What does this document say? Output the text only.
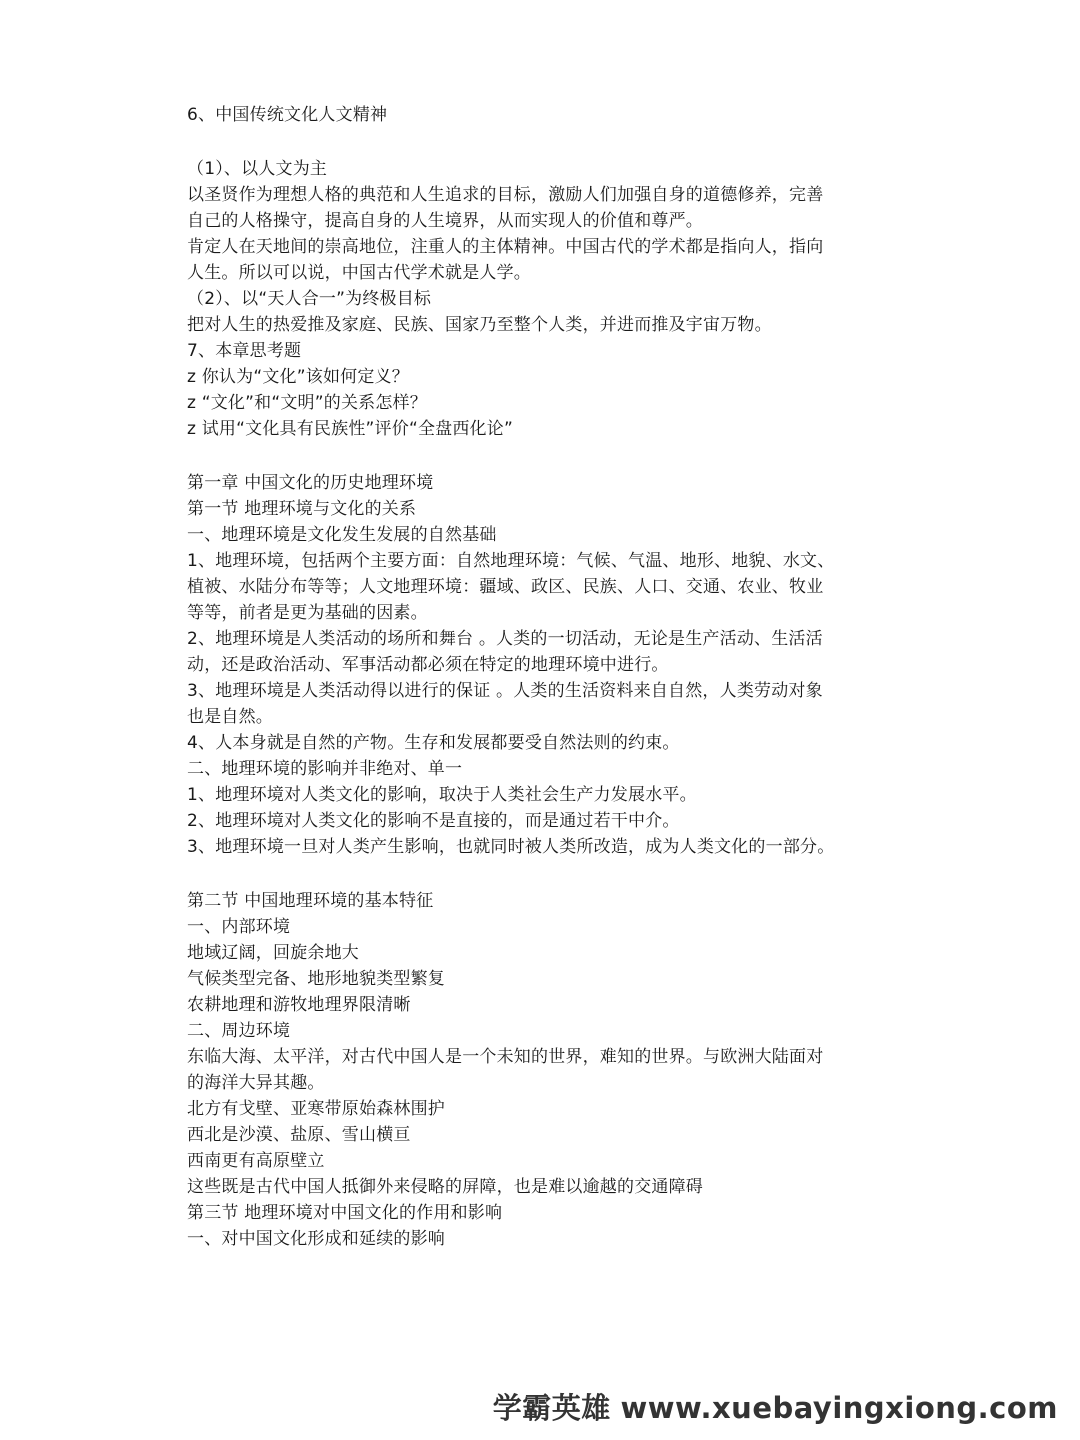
6、中国传统文化人文精神
（1）、以人文为主
以圣贤作为理想人格的典范和人生追求的目标，激励人们加强自身的道德修养，完善
自己的人格操守，提高自身的人生境界，从而实现人的价值和尊严。
肯定人在天地间的崇高地位，注重人的主体精神。中国古代的学术都是指向人，指向
人生。所以可以说，中国古代学术就是人学。
（2）、以“天人合一”为终极目标
把对人生的热爱推及家庭、民族、国家乃至整个人类，并进而推及宇宙万物。
7、本章思考题
z 你认为“文化”该如何定义？
z “文化”和“文明”的关系怎样？
z 试用“文化具有民族性”评价“全盘西化论”
第一章 中国文化的历史地理环境
第一节 地理环境与文化的关系
一、地理环境是文化发生发展的自然基础
1、地理环境，包括两个主要方面：自然地理环境：气候、气温、地形、地貌、水文、
植被、水陆分布等等；人文地理环境：疆域、政区、民族、人口、交通、农业、牧业
等等，前者是更为基础的因素。
2、地理环境是人类活动的场所和舞台 。人类的一切活动，无论是生产活动、生活活
动，还是政治活动、军事活动都必须在特定的地理环境中进行。
3、地理环境是人类活动得以进行的保证 。人类的生活资料来自自然，人类劳动对象
也是自然。
4、人本身就是自然的产物。生存和发展都要受自然法则的约束。
二、地理环境的影响并非绝对、单一
1、地理环境对人类文化的影响，取决于人类社会生产力发展水平。
2、地理环境对人类文化的影响不是直接的，而是通过若干中介。
3、地理环境一旦对人类产生影响，也就同时被人类所改造，成为人类文化的一部分。
第二节 中国地理环境的基本特征
一、内部环境
地域辽阔，回旋余地大
气候类型完备、地形地貌类型繁复
农耕地理和游牧地理界限清晰
二、周边环境
东临大海、太平洋，对古代中国人是一个未知的世界，难知的世界。与欧洲大陆面对
的海洋大异其趣。
北方有戈壁、亚寒带原始森林围护
西北是沙漠、盐原、雪山横亘
西南更有高原壁立
这些既是古代中国人抵御外来侵略的屏障，也是难以逾越的交通障碍
第三节 地理环境对中国文化的作用和影响
一、对中国文化形成和延续的影响
学霸英雄 www.xuebayingxiong.com
